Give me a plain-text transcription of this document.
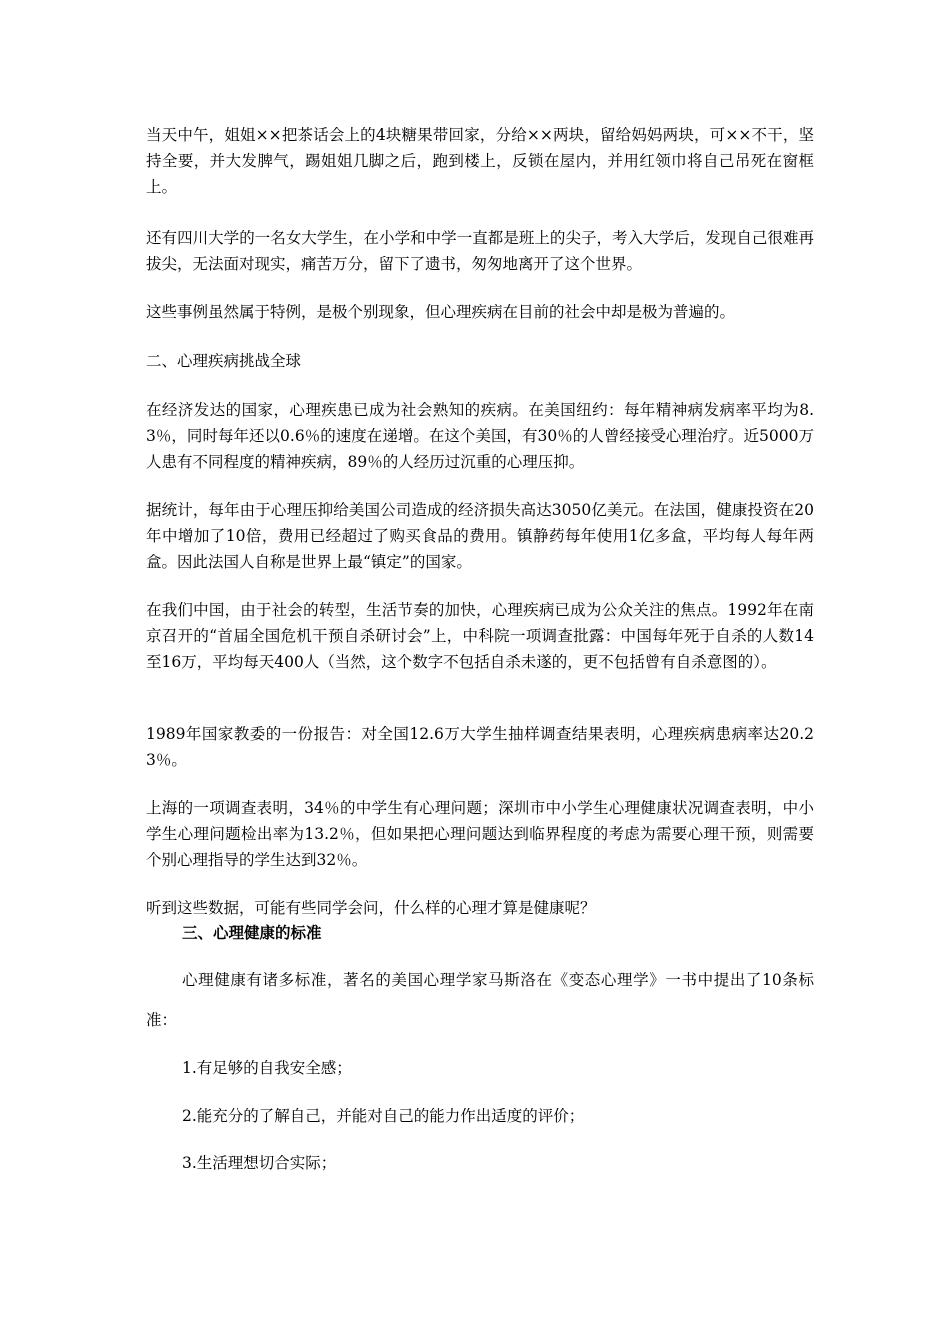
当天中午，姐姐××把茶话会上的4块糖果带回家，分给××两块，留给妈妈两块，可××不干，坚持全要，并大发脾气，踢姐姐几脚之后，跑到楼上，反锁在屋内，并用红领巾将自己吊死在窗框上。

还有四川大学的一名女大学生，在小学和中学一直都是班上的尖子，考入大学后，发现自己很难再拔尖，无法面对现实，痛苦万分，留下了遗书，匆匆地离开了这个世界。

这些事例虽然属于特例，是极个别现象，但心理疾病在目前的社会中却是极为普遍的。

二、心理疾病挑战全球

在经济发达的国家，心理疾患已成为社会熟知的疾病。在美国纽约：每年精神病发病率平均为8.3％，同时每年还以0.6％的速度在递增。在这个美国，有30％的人曾经接受心理治疗。近5000万人患有不同程度的精神疾病，89％的人经历过沉重的心理压抑。

据统计，每年由于心理压抑给美国公司造成的经济损失高达3050亿美元。在法国，健康投资在20年中增加了10倍，费用已经超过了购买食品的费用。镇静药每年使用1亿多盒，平均每人每年两盒。因此法国人自称是世界上最“镇定”的国家。

在我们中国，由于社会的转型，生活节奏的加快，心理疾病已成为公众关注的焦点。1992年在南京召开的“首届全国危机干预自杀研讨会”上，中科院一项调查批露：中国每年死于自杀的人数14至16万，平均每天400人（当然，这个数字不包括自杀未遂的，更不包括曾有自杀意图的）。

1989年国家教委的一份报告：对全国12.6万大学生抽样调查结果表明，心理疾病患病率达20.23％。

上海的一项调查表明，34％的中学生有心理问题；深圳市中小学生心理健康状况调查表明，中小学生心理问题检出率为13.2％，但如果把心理问题达到临界程度的考虑为需要心理干预，则需要个别心理指导的学生达到32％。

听到这些数据，可能有些同学会问，什么样的心理才算是健康呢？

三、心理健康的标准

心理健康有诸多标准，著名的美国心理学家马斯洛在《变态心理学》一书中提出了10条标准：

1.有足够的自我安全感；

2.能充分的了解自己，并能对自己的能力作出适度的评价；

3.生活理想切合实际；
